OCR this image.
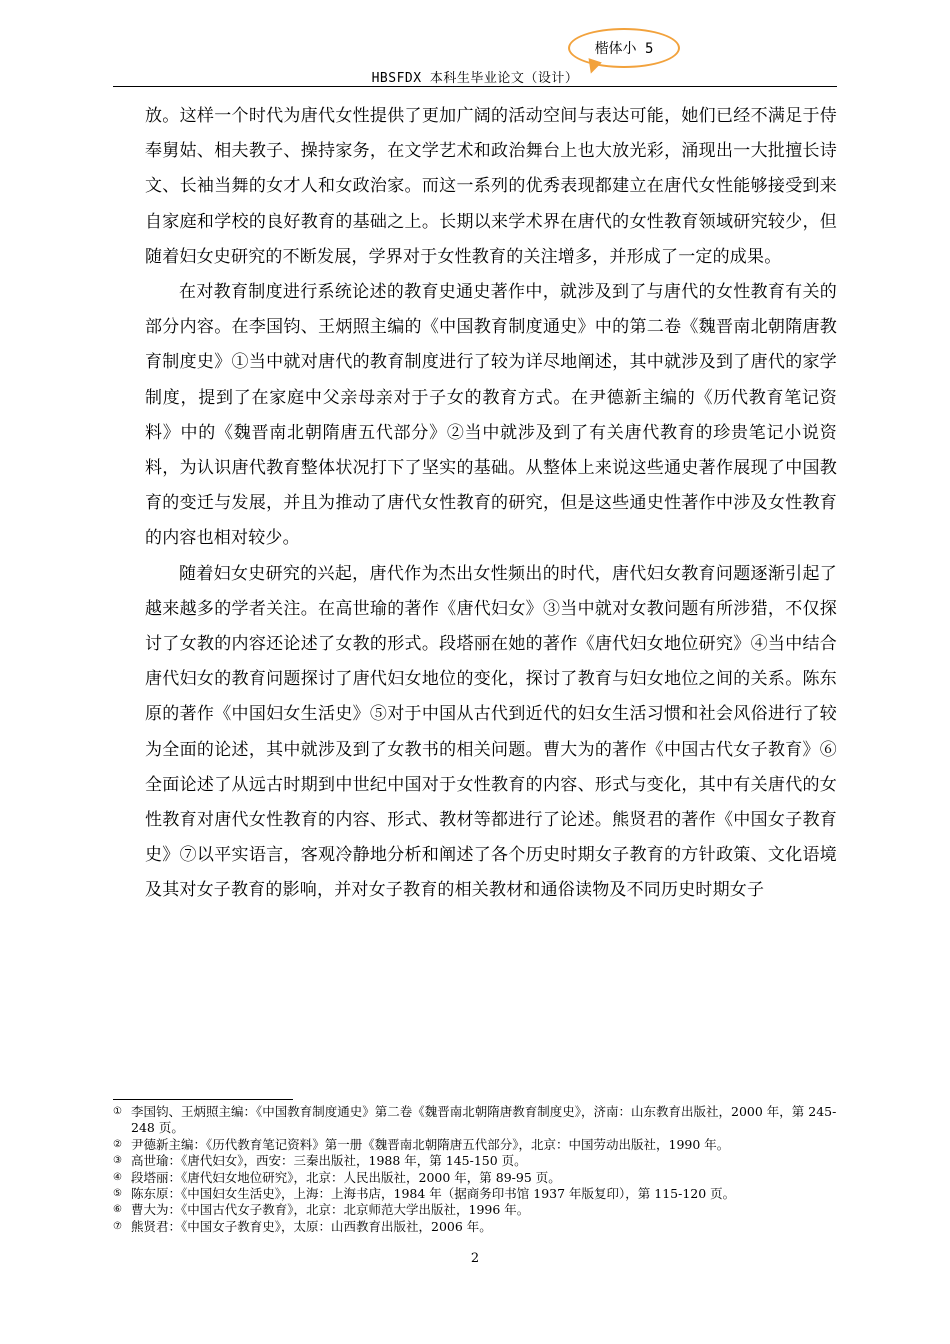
楷体小 5
HBSFDX 本科生毕业论文（设计）

放。这样一个时代为唐代女性提供了更加广阔的活动空间与表达可能，她们已经不满足于侍奉舅姑、相夫教子、操持家务，在文学艺术和政治舞台上也大放光彩，涌现出一大批擅长诗文、长袖当舞的女才人和女政治家。而这一系列的优秀表现都建立在唐代女性能够接受到来自家庭和学校的良好教育的基础之上。长期以来学术界在唐代的女性教育领域研究较少，但随着妇女史研究的不断发展，学界对于女性教育的关注增多，并形成了一定的成果。

在对教育制度进行系统论述的教育史通史著作中，就涉及到了与唐代的女性教育有关的部分内容。在李国钧、王炳照主编的《中国教育制度通史》中的第二卷《魏晋南北朝隋唐教育制度史》①当中就对唐代的教育制度进行了较为详尽地阐述，其中就涉及到了唐代的家学制度，提到了在家庭中父亲母亲对于子女的教育方式。在尹德新主编的《历代教育笔记资料》中的《魏晋南北朝隋唐五代部分》②当中就涉及到了有关唐代教育的珍贵笔记小说资料，为认识唐代教育整体状况打下了坚实的基础。从整体上来说这些通史著作展现了中国教育的变迁与发展，并且为推动了唐代女性教育的研究，但是这些通史性著作中涉及女性教育的内容也相对较少。

随着妇女史研究的兴起，唐代作为杰出女性频出的时代，唐代妇女教育问题逐渐引起了越来越多的学者关注。在高世瑜的著作《唐代妇女》③当中就对女教问题有所涉猎，不仅探讨了女教的内容还论述了女教的形式。段塔丽在她的著作《唐代妇女地位研究》④当中结合唐代妇女的教育问题探讨了唐代妇女地位的变化，探讨了教育与妇女地位之间的关系。陈东原的著作《中国妇女生活史》⑤对于中国从古代到近代的妇女生活习惯和社会风俗进行了较为全面的论述，其中就涉及到了女教书的相关问题。曹大为的著作《中国古代女子教育》⑥全面论述了从远古时期到中世纪中国对于女性教育的内容、形式与变化，其中有关唐代的女性教育对唐代女性教育的内容、形式、教材等都进行了论述。熊贤君的著作《中国女子教育史》⑦以平实语言，客观冷静地分析和阐述了各个历史时期女子教育的方针政策、文化语境及其对女子教育的影响，并对女子教育的相关教材和通俗读物及不同历史时期女子

① 李国钧、王炳照主编：《中国教育制度通史》第二卷《魏晋南北朝隋唐教育制度史》，济南：山东教育出版社，2000 年，第 245-248 页。
② 尹德新主编：《历代教育笔记资料》第一册《魏晋南北朝隋唐五代部分》，北京：中国劳动出版社，1990 年。
③ 高世瑜：《唐代妇女》，西安：三秦出版社，1988 年，第 145-150 页。
④ 段塔丽：《唐代妇女地位研究》，北京：人民出版社，2000 年，第 89-95 页。
⑤ 陈东原：《中国妇女生活史》，上海：上海书店，1984 年（据商务印书馆 1937 年版复印），第 115-120 页。
⑥ 曹大为：《中国古代女子教育》，北京：北京师范大学出版社，1996 年。
⑦ 熊贤君：《中国女子教育史》，太原：山西教育出版社，2006 年。
2
